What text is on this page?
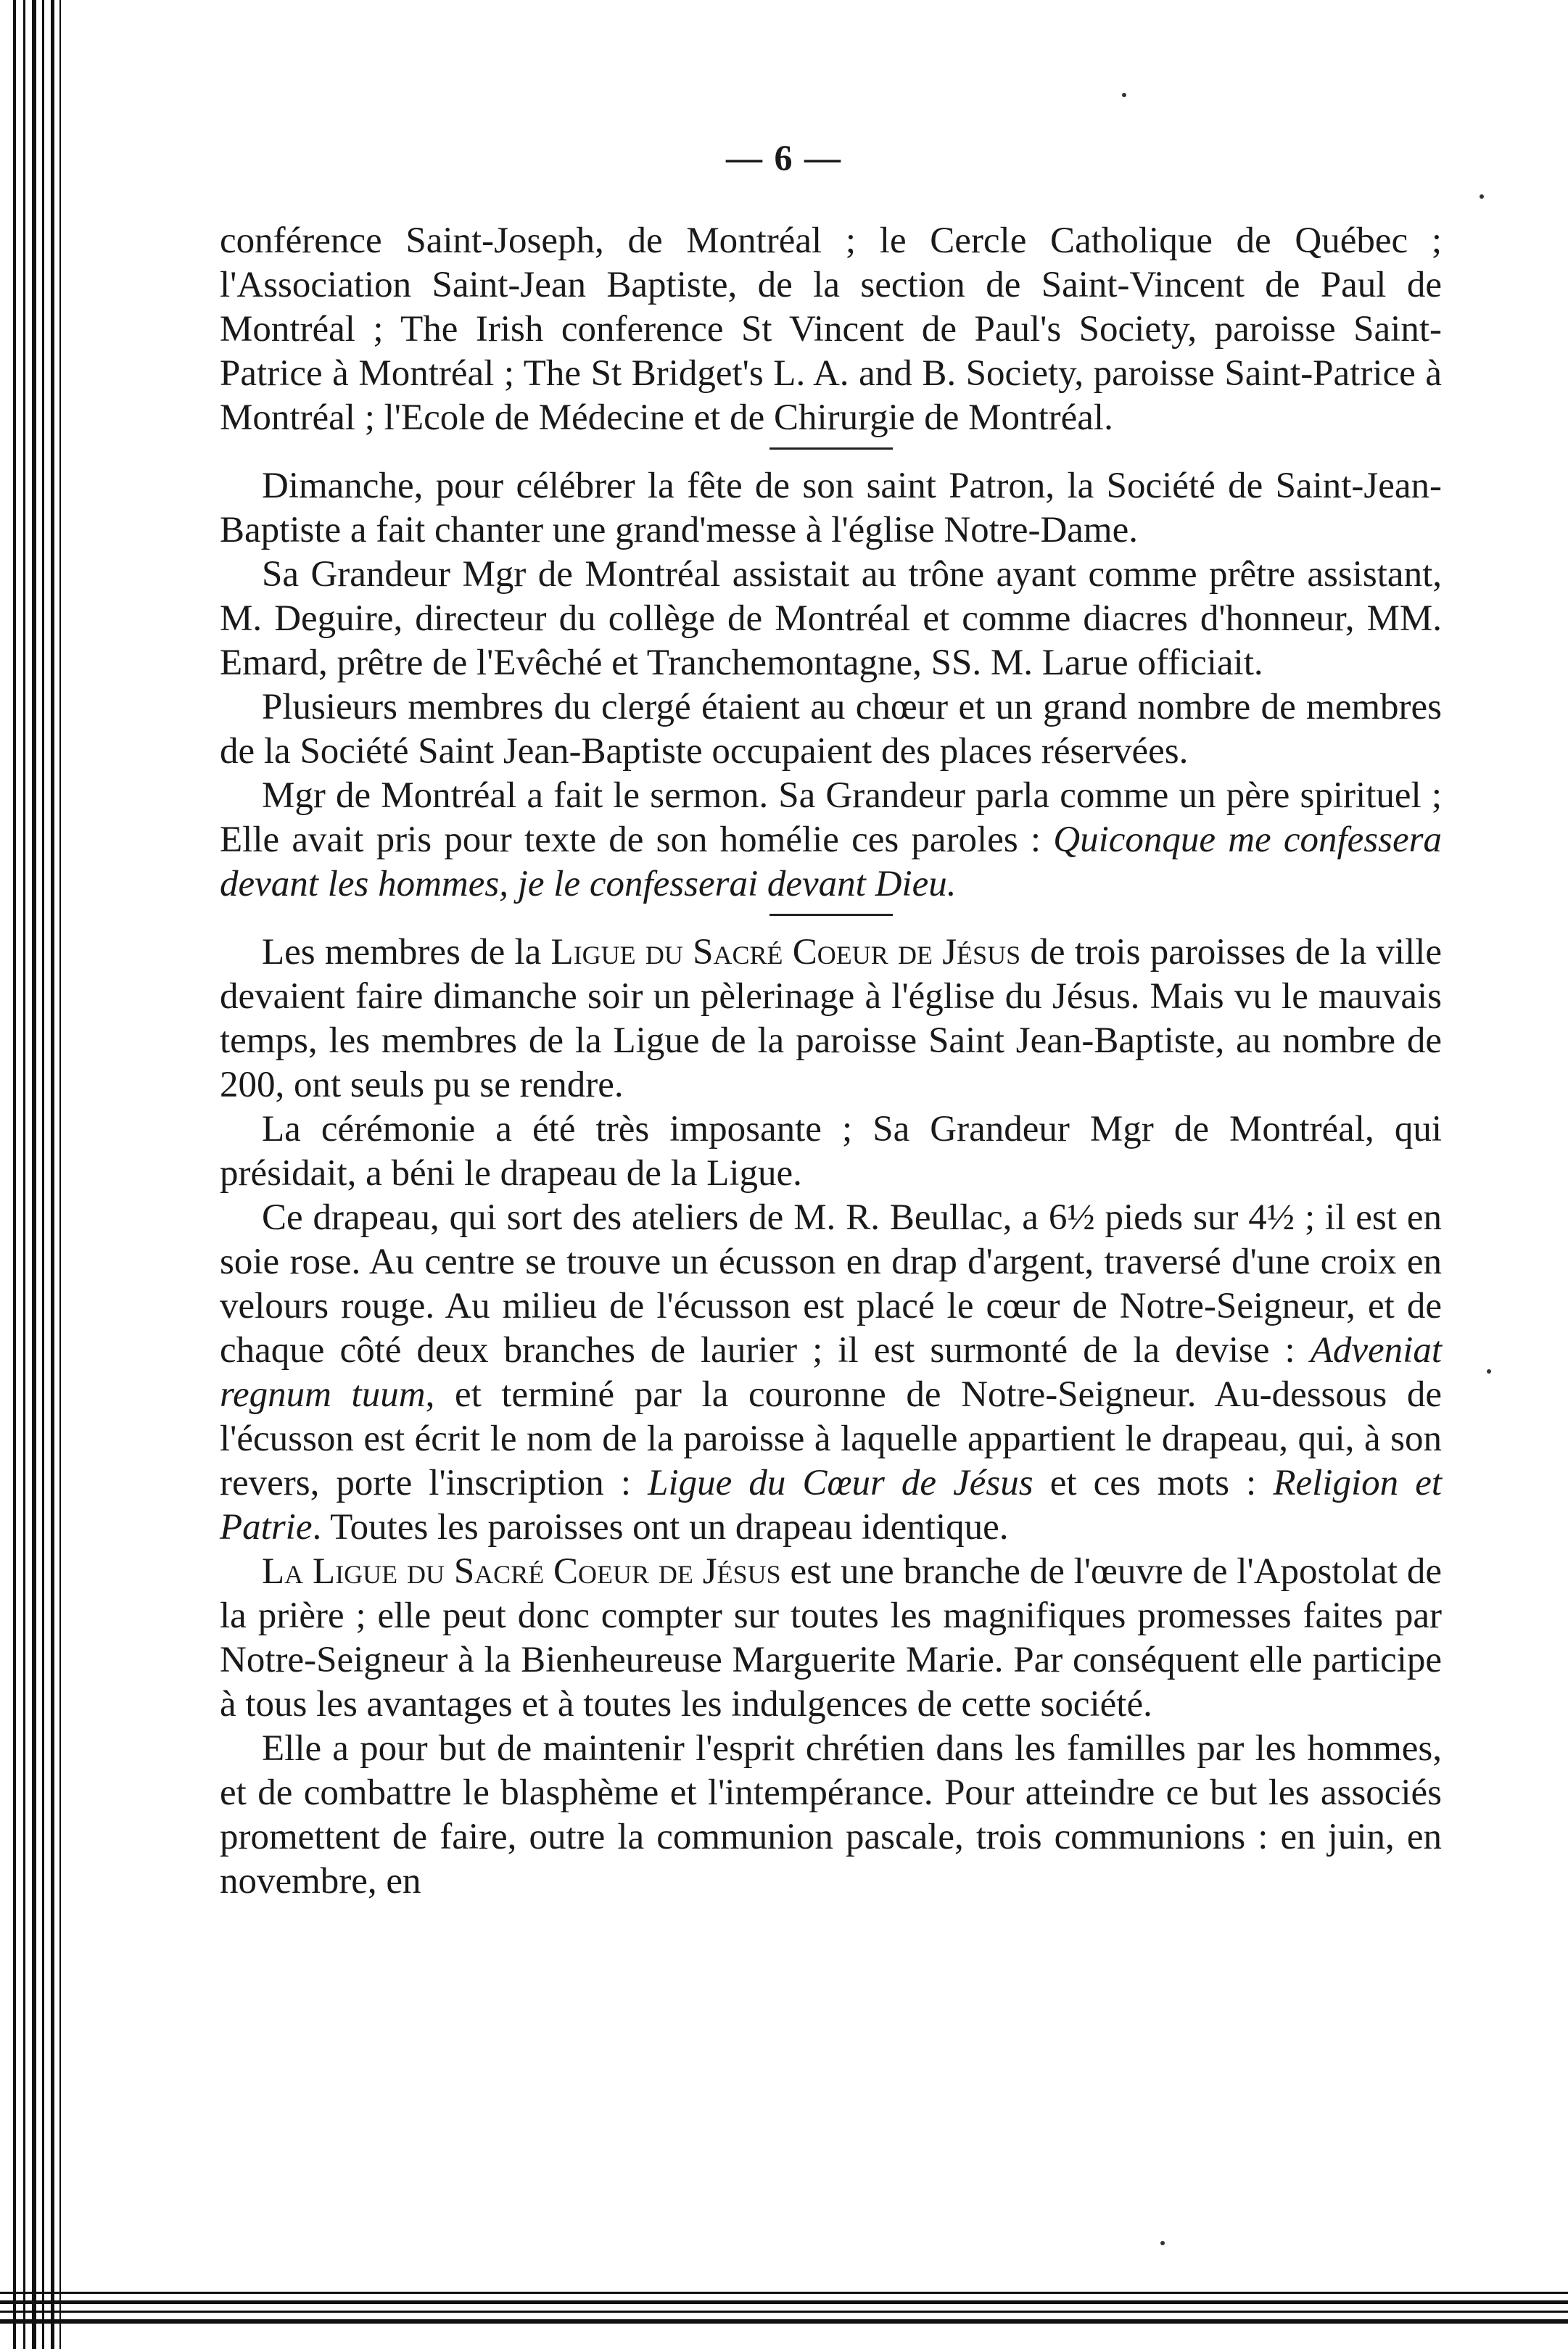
— 6 —

conférence Saint-Joseph, de Montréal ; le Cercle Catholique de Québec ; l'Association Saint-Jean Baptiste, de la section de Saint-Vincent de Paul de Montréal ; The Irish conference St Vincent de Paul's Society, paroisse Saint-Patrice à Montréal ; The St Bridget's L. A. and B. Society, paroisse Saint-Patrice à Montréal ; l'Ecole de Médecine et de Chirurgie de Montréal.

Dimanche, pour célébrer la fête de son saint Patron, la Société de Saint-Jean-Baptiste a fait chanter une grand'messe à l'église Notre-Dame.

Sa Grandeur Mgr de Montréal assistait au trône ayant comme prêtre assistant, M. Deguire, directeur du collège de Montréal et comme diacres d'honneur, MM. Emard, prêtre de l'Evêché et Tranchemontagne, SS. M. Larue officiait.

Plusieurs membres du clergé étaient au chœur et un grand nombre de membres de la Société Saint Jean-Baptiste occupaient des places réservées.

Mgr de Montréal a fait le sermon. Sa Grandeur parla comme un père spirituel ; Elle avait pris pour texte de son homélie ces paroles : Quiconque me confessera devant les hommes, je le confesserai devant Dieu.

Les membres de la Ligue du Sacré Coeur de Jésus de trois paroisses de la ville devaient faire dimanche soir un pèlerinage à l'église du Jésus. Mais vu le mauvais temps, les membres de la Ligue de la paroisse Saint Jean-Baptiste, au nombre de 200, ont seuls pu se rendre.

La cérémonie a été très imposante ; Sa Grandeur Mgr de Montréal, qui présidait, a béni le drapeau de la Ligue.

Ce drapeau, qui sort des ateliers de M. R. Beullac, a 6½ pieds sur 4½ ; il est en soie rose. Au centre se trouve un écusson en drap d'argent, traversé d'une croix en velours rouge. Au milieu de l'écusson est placé le cœur de Notre-Seigneur, et de chaque côté deux branches de laurier ; il est surmonté de la devise : Adveniat regnum tuum, et terminé par la couronne de Notre-Seigneur. Au-dessous de l'écusson est écrit le nom de la paroisse à laquelle appartient le drapeau, qui, à son revers, porte l'inscription : Ligue du Cœur de Jésus et ces mots : Religion et Patrie. Toutes les paroisses ont un drapeau identique.

La Ligue du Sacré Coeur de Jésus est une branche de l'œuvre de l'Apostolat de la prière ; elle peut donc compter sur toutes les magnifiques promesses faites par Notre-Seigneur à la Bienheureuse Marguerite Marie. Par conséquent elle participe à tous les avantages et à toutes les indulgences de cette société.

Elle a pour but de maintenir l'esprit chrétien dans les familles par les hommes, et de combattre le blasphème et l'intempérance. Pour atteindre ce but les associés promettent de faire, outre la communion pascale, trois communions : en juin, en novembre, en
